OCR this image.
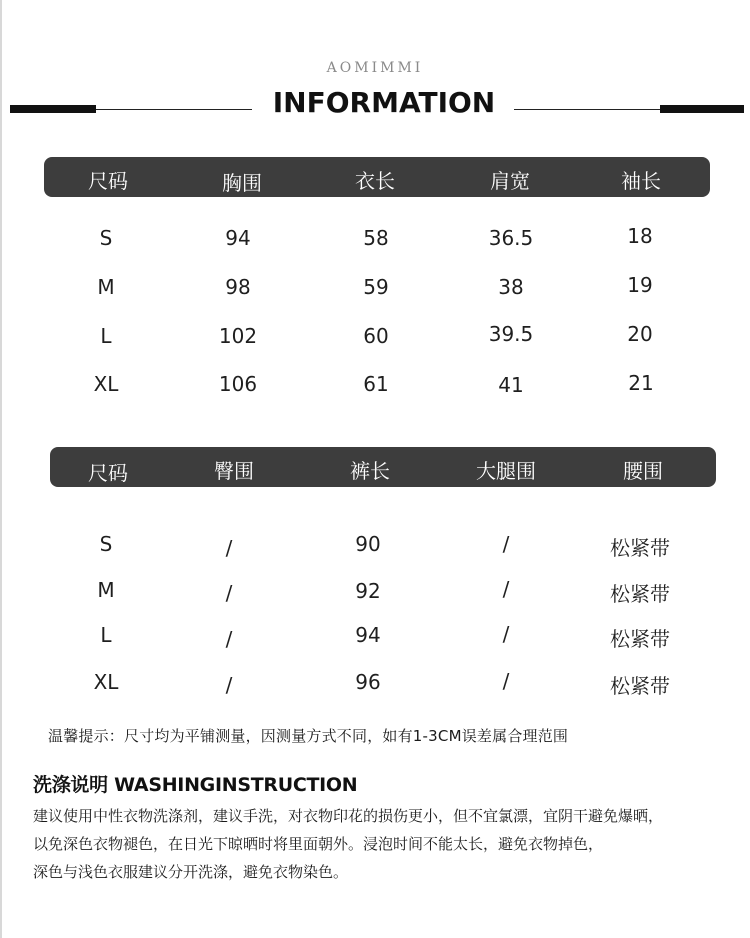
AOMIMMI
INFORMATION
尺码	胸围	衣长	肩宽	袖长
S	94	58	36.5	18
M	98	59	38	19
L	102	60	39.5	20
XL	106	61	41	21
尺码	臀围	裤长	大腿围	腰围
S	/	90	/	松紧带
M	/	92	/	松紧带
L	/	94	/	松紧带
XL	/	96	/	松紧带
温馨提示：尺寸均为平铺测量，因测量方式不同，如有1-3CM误差属合理范围
洗涤说明 WASHINGINSTRUCTION
建议使用中性衣物洗涤剂，建议手洗，对衣物印花的损伤更小，但不宜氯漂，宜阴干避免爆晒，
以免深色衣物褪色，在日光下晾晒时将里面朝外。浸泡时间不能太长，避免衣物掉色，
深色与浅色衣服建议分开洗涤，避免衣物染色。
